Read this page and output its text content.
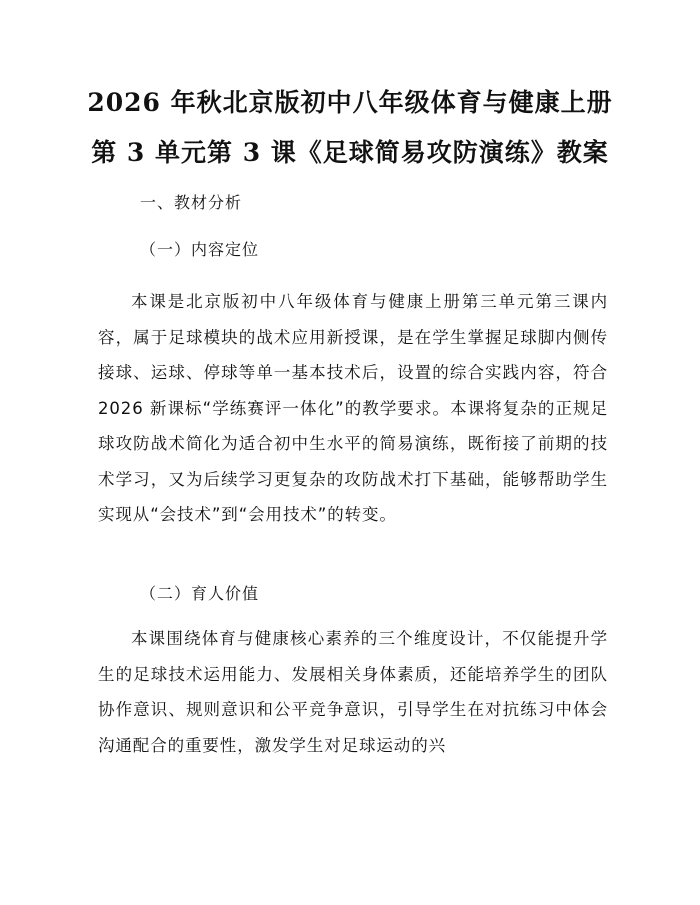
2026 年秋北京版初中八年级体育与健康上册
第 3 单元第 3 课《足球简易攻防演练》教案
一、教材分析
（一）内容定位

本课是北京版初中八年级体育与健康上册第三单元第三课内容，属于足球模块的战术应用新授课，是在学生掌握足球脚内侧传接球、运球、停球等单一基本技术后，设置的综合实践内容，符合 2026 新课标“学练赛评一体化”的教学要求。本课将复杂的正规足球攻防战术简化为适合初中生水平的简易演练，既衔接了前期的技术学习，又为后续学习更复杂的攻防战术打下基础，能够帮助学生实现从“会技术”到“会用技术”的转变。

（二）育人价值

本课围绕体育与健康核心素养的三个维度设计，不仅能提升学生的足球技术运用能力、发展相关身体素质，还能培养学生的团队协作意识、规则意识和公平竞争意识，引导学生在对抗练习中体会沟通配合的重要性，激发学生对足球运动的兴
